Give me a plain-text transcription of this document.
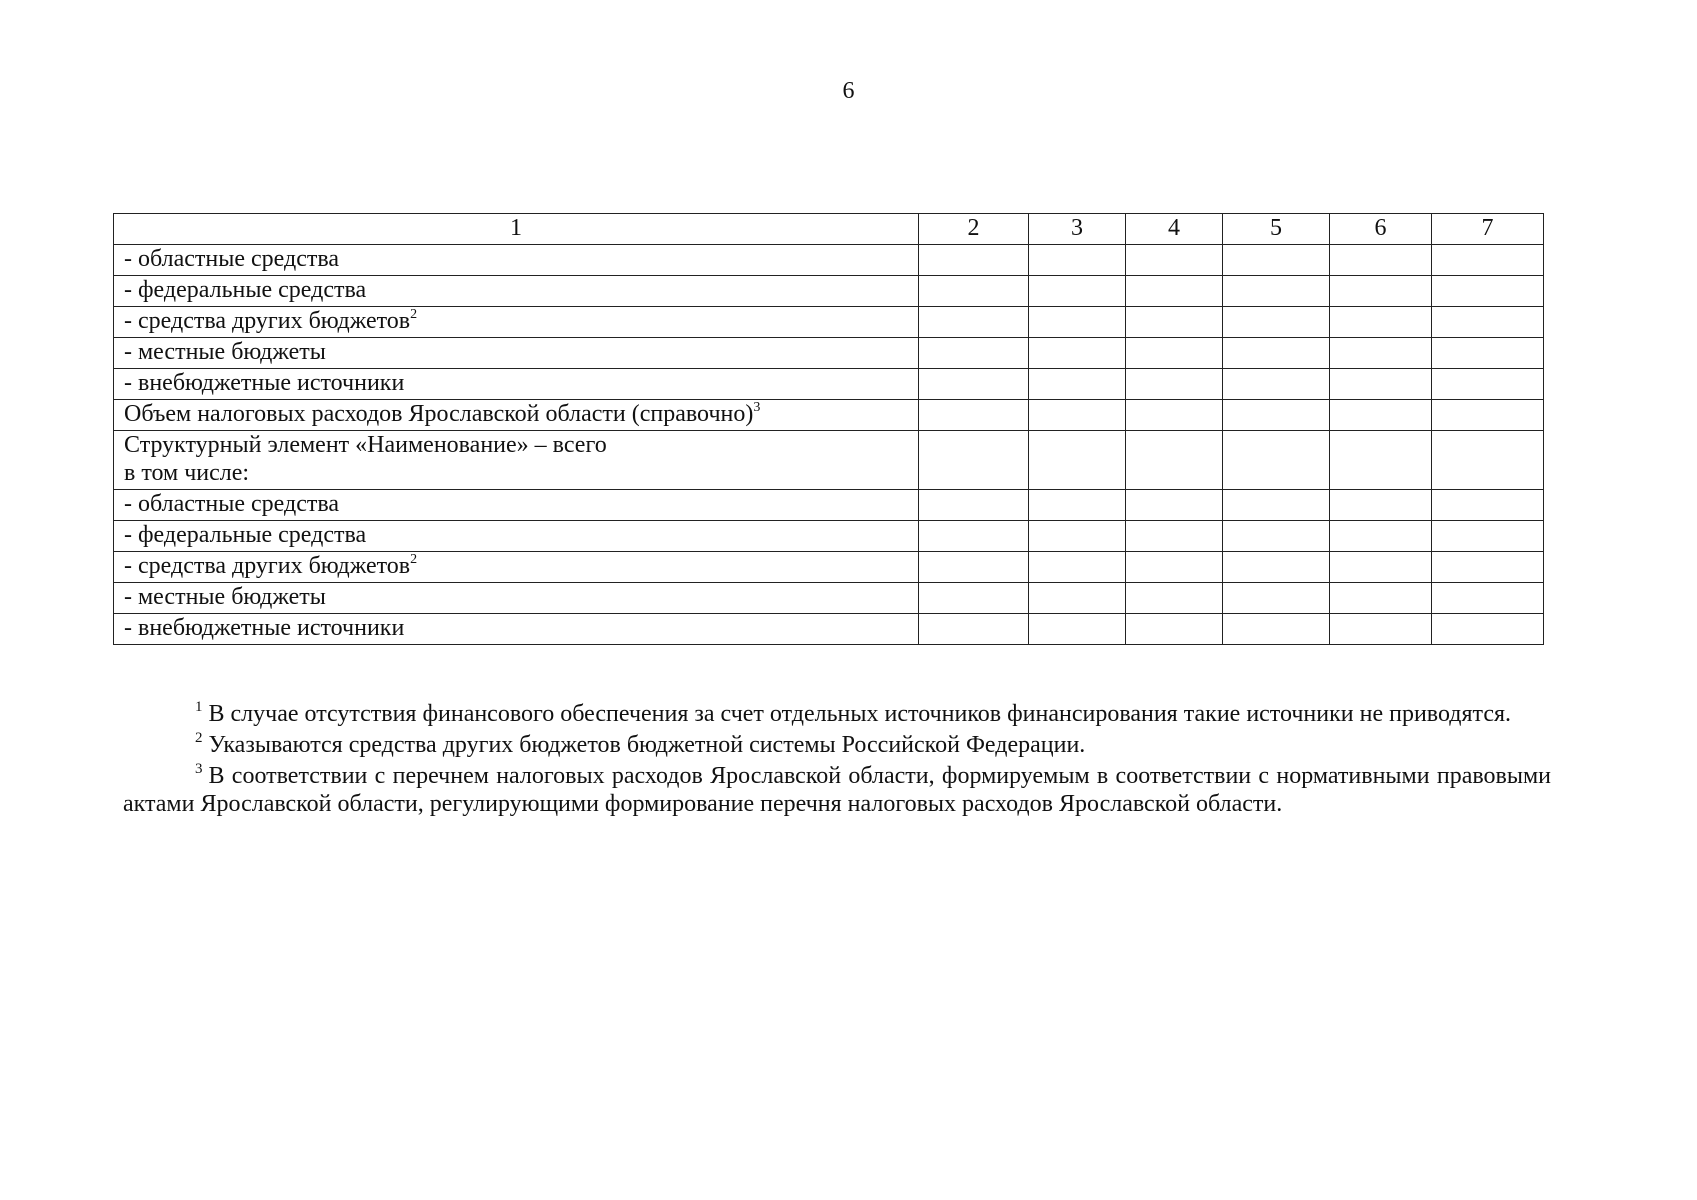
6
1	2	3	4	5	6	7
- областные средства						
- федеральные средства						
- средства других бюджетов$^2$						
- местные бюджеты						
- внебюджетные источники						
Объем налоговых расходов Ярославской области (справочно)$^3$						
Структурный элемент «Наименование» – всего
в том числе:						
- областные средства						
- федеральные средства						
- средства других бюджетов$^2$						
- местные бюджеты						
- внебюджетные источники						

$^1$ В случае отсутствия финансового обеспечения за счет отдельных источников финансирования такие источники не приводятся.

$^2$ Указываются средства других бюджетов бюджетной системы Российской Федерации.

$^3$ В соответствии с перечнем налоговых расходов Ярославской области, формируемым в соответствии с нормативными правовыми актами Ярославской области, регулирующими формирование перечня налоговых расходов Ярославской области.
